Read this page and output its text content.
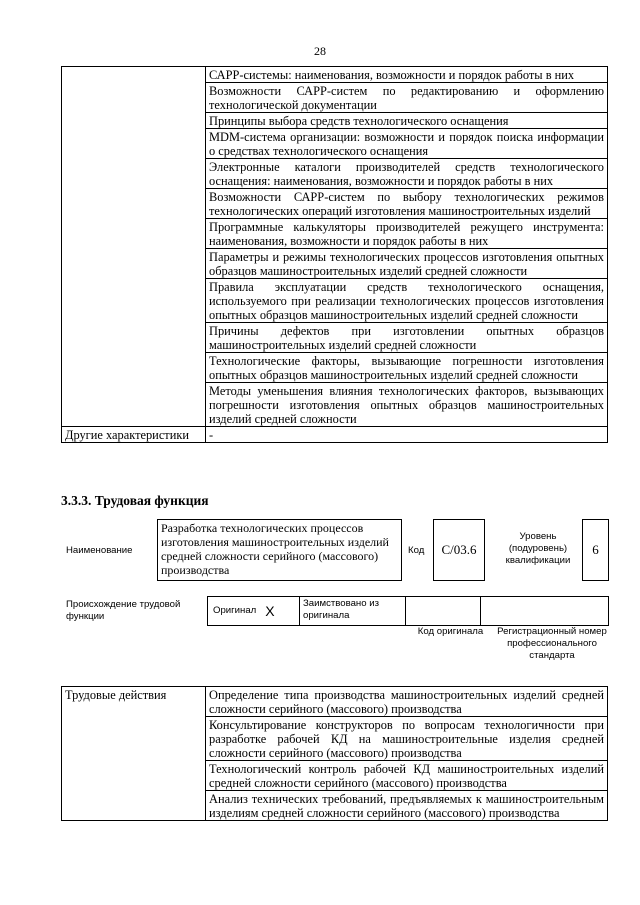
28
	САРР-системы: наименования, возможности и порядок работы в них
	Возможности САРР-систем по редактированию и оформлению технологической документации
	Принципы выбора средств технологического оснащения
	MDM-система организации: возможности и порядок поиска информации о средствах технологического оснащения
	Электронные каталоги производителей средств технологического оснащения: наименования, возможности и порядок работы в них
	Возможности САРР-систем по выбору технологических режимов технологических операций изготовления машиностроительных изделий
	Программные калькуляторы производителей режущего инструмента: наименования, возможности и порядок работы в них
	Параметры и режимы технологических процессов изготовления опытных образцов машиностроительных изделий средней сложности
	Правила эксплуатации средств технологического оснащения, используемого при реализации технологических процессов изготовления опытных образцов машиностроительных изделий средней сложности
	Причины дефектов при изготовлении опытных образцов машиностроительных изделий средней сложности
	Технологические факторы, вызывающие погрешности изготовления опытных образцов машиностроительных изделий средней сложности
	Методы уменьшения влияния технологических факторов, вызывающих погрешности изготовления опытных образцов машиностроительных изделий средней сложности
Другие характеристики	-
3.3.3. Трудовая функция
Наименование
Разработка технологических процессов изготовления машиностроительных изделий средней сложности серийного (массового) производства
Код	C/03.6
Уровень (подуровень) квалификации
6
Происхождение трудовой функции
Оригинал X	Заимствовано из оригинала
Код оригинала	Регистрационный номер профессионального стандарта
Трудовые действия	Определение типа производства машиностроительных изделий средней сложности серийного (массового) производства
Консультирование конструкторов по вопросам технологичности при разработке рабочей КД на машиностроительные изделия средней сложности серийного (массового) производства
Технологический контроль рабочей КД машиностроительных изделий средней сложности серийного (массового) производства
Анализ технических требований, предъявляемых к машиностроительным изделиям средней сложности серийного (массового) производства
